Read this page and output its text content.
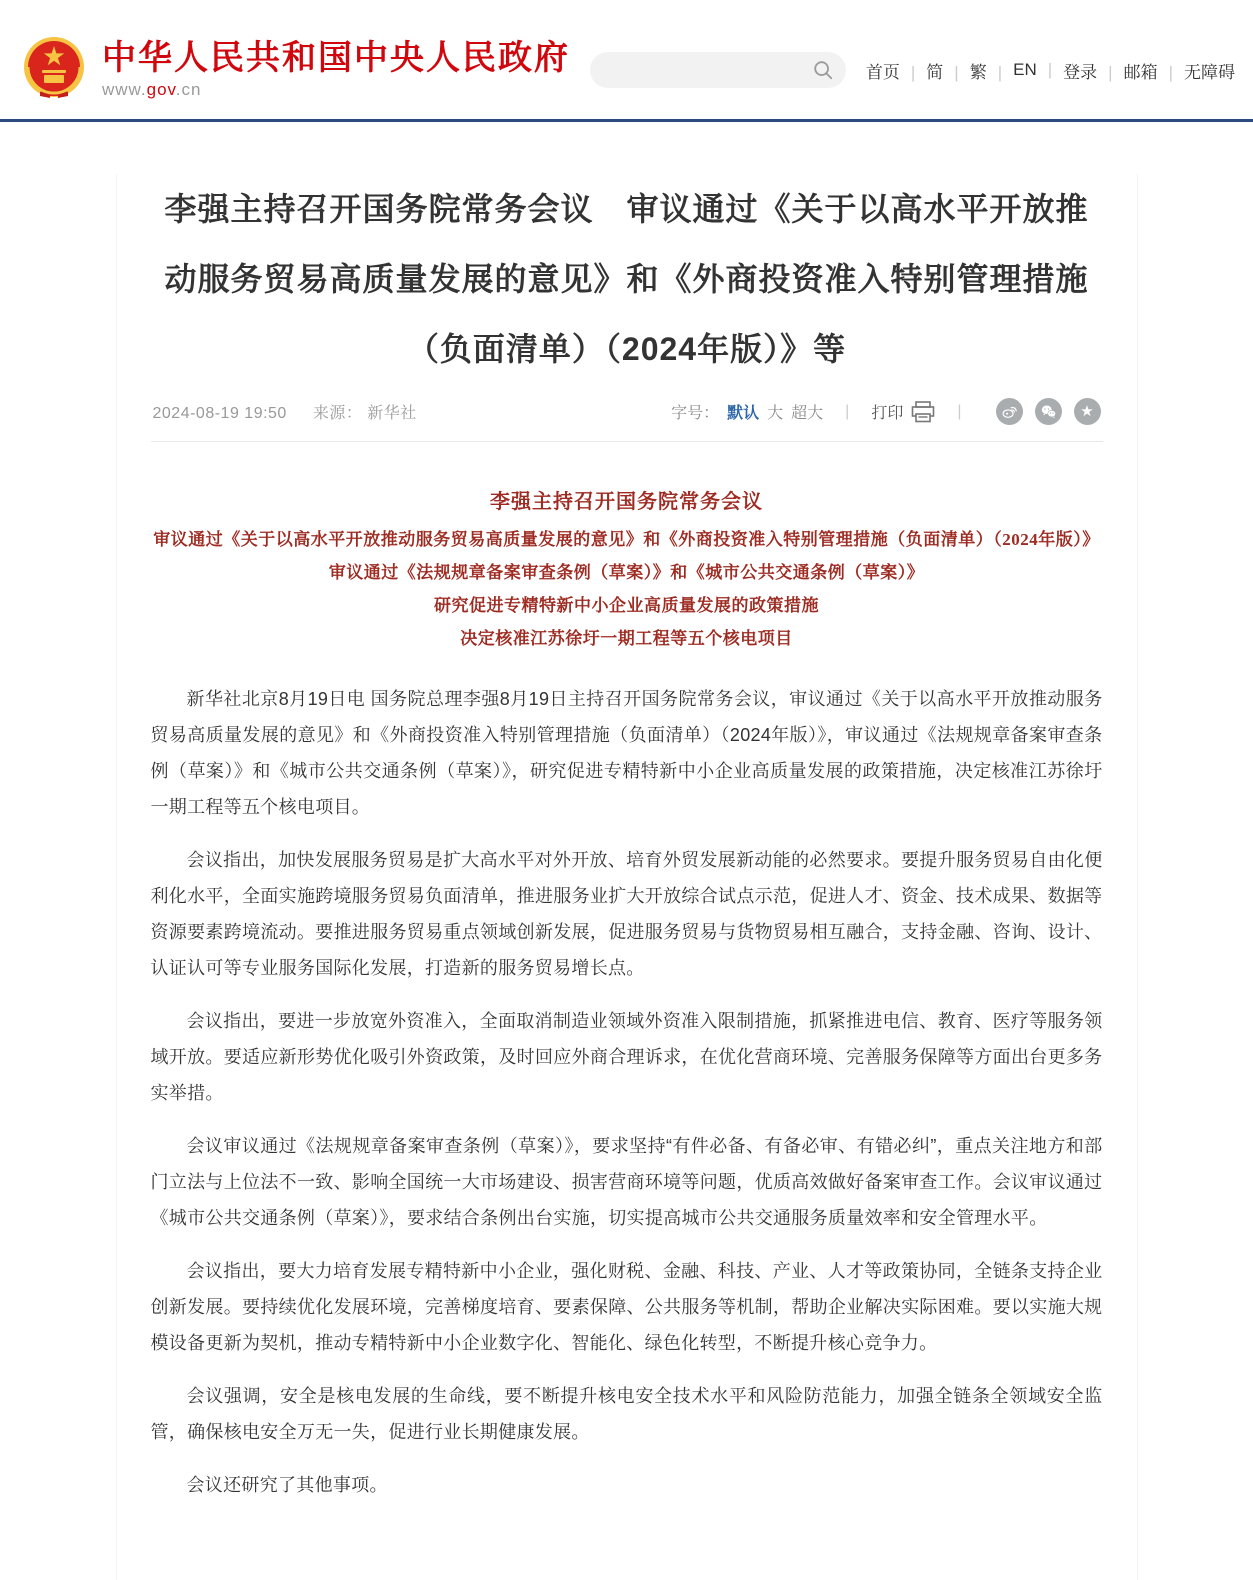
中华人民共和国中央人民政府
www.gov.cn
首页 |	简 |	繁 |	EN |	登录 |	邮箱 |	无障碍
李强主持召开国务院常务会议　审议通过《关于以高水平开放推动服务贸易高质量发展的意见》和《外商投资准入特别管理措施（负面清单）（2024年版）》等
2024-08-19 19:50 来源： 新华社	字号： 默认 大 超大 | 打印	|	★
李强主持召开国务院常务会议
审议通过《关于以高水平开放推动服务贸易高质量发展的意见》和《外商投资准入特别管理措施（负面清单）（2024年版）》
审议通过《法规规章备案审查条例（草案）》和《城市公共交通条例（草案）》
研究促进专精特新中小企业高质量发展的政策措施
决定核准江苏徐圩一期工程等五个核电项目

新华社北京8月19日电 国务院总理李强8月19日主持召开国务院常务会议，审议通过《关于以高水平开放推动服务贸易高质量发展的意见》和《外商投资准入特别管理措施（负面清单）（2024年版）》，审议通过《法规规章备案审查条例（草案）》和《城市公共交通条例（草案）》，研究促进专精特新中小企业高质量发展的政策措施，决定核准江苏徐圩一期工程等五个核电项目。

会议指出，加快发展服务贸易是扩大高水平对外开放、培育外贸发展新动能的必然要求。要提升服务贸易自由化便利化水平，全面实施跨境服务贸易负面清单，推进服务业扩大开放综合试点示范，促进人才、资金、技术成果、数据等资源要素跨境流动。要推进服务贸易重点领域创新发展，促进服务贸易与货物贸易相互融合，支持金融、咨询、设计、认证认可等专业服务国际化发展，打造新的服务贸易增长点。

会议指出，要进一步放宽外资准入，全面取消制造业领域外资准入限制措施，抓紧推进电信、教育、医疗等服务领域开放。要适应新形势优化吸引外资政策，及时回应外商合理诉求，在优化营商环境、完善服务保障等方面出台更多务实举措。

会议审议通过《法规规章备案审查条例（草案）》，要求坚持“有件必备、有备必审、有错必纠”，重点关注地方和部门立法与上位法不一致、影响全国统一大市场建设、损害营商环境等问题，优质高效做好备案审查工作。会议审议通过《城市公共交通条例（草案）》，要求结合条例出台实施，切实提高城市公共交通服务质量效率和安全管理水平。

会议指出，要大力培育发展专精特新中小企业，强化财税、金融、科技、产业、人才等政策协同，全链条支持企业创新发展。要持续优化发展环境，完善梯度培育、要素保障、公共服务等机制，帮助企业解决实际困难。要以实施大规模设备更新为契机，推动专精特新中小企业数字化、智能化、绿色化转型，不断提升核心竞争力。

会议强调，安全是核电发展的生命线，要不断提升核电安全技术水平和风险防范能力，加强全链条全领域安全监管，确保核电安全万无一失，促进行业长期健康发展。

会议还研究了其他事项。
